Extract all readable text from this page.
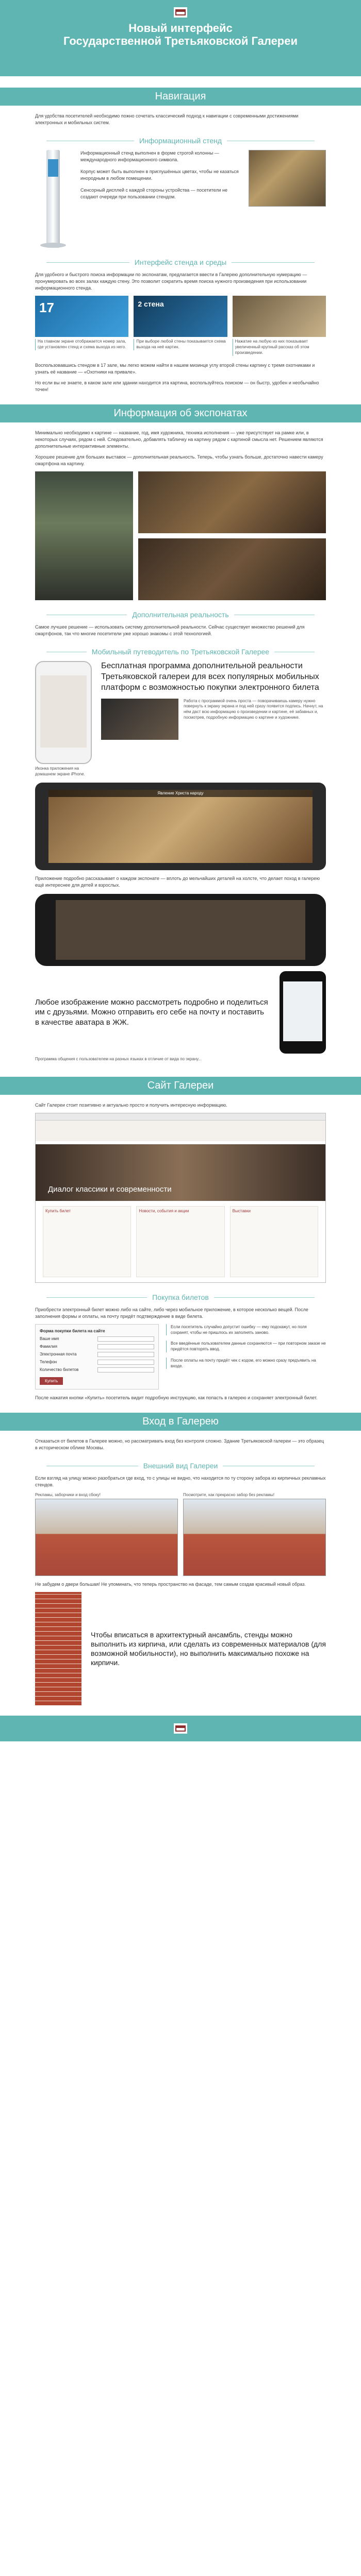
Новый интерфейс
Государственной Третьяковской Галереи
Навигация

Для удобства посетителей необходимо пожно сочетать классический подход к навигации с современными достижениями электронных и мобильных систем.

Информационный стенд
Информационный стенд выполнен в форме строгой колонны — международного информационного символа.
Корпус может быть выполнен в приглушённых цветах, чтобы не казаться инородным в любом помещении.
Сенсорный дисплей с каждой стороны устройства — посетители не создают очереди при пользовании стендом.
Интерфейс стенда и среды

Для удобного и быстрого поиска информации по экспонатам, предлагается ввести в Галерею дополнительную нумерацию — пронумеровать во всех залах каждую стену. Это позволит сократить время поиска нужного произведения при использовании информационного стенда.

17
На главном экране отображается номер зала, где установлен стенд и схема выхода из него.
2 стена
При выборе любой стены показывается схема выхода на неё картин.
Нажатие на любую из них показывает увеличенный крупный рассказ об этом произведении.

Воспользовавшись стендом в 17 зале, мы легко можем найти в нашем мизинце углу второй стены картину с тремя охотниками и узнать её название — «Охотники на привале».

Но если вы не знаете, в каком зале или здании находится эта картина, воспользуйтесь поиском — он быстр, удобен и необычайно точен!

Информация об экспонатах

Минимально необходимо к картине — название, год, имя художника, техника исполнения — уже присутствует на рамке или, в некоторых случаях, рядом с ней. Следовательно, добавлять табличку на картину рядом с картиной смысла нет. Решением являются дополнительные интерактивные элементы.

Хорошее решение для больших выставок — дополнительная реальность. Теперь, чтобы узнать больше, достаточно навести камеру смартфона на картину.

Дополнительная реальность

Самое лучшее решение — использовать систему дополнительной реальности. Сейчас существует множество решений для смартфонов, так что многие посетители уже хорошо знакомы с этой технологией.

Мобильный путеводитель по Третьяковской Галерее
Иконка приложения на домашнем экране iPhone.
Бесплатная программа дополнительной реальности Третьяковской галереи для всех популярных мобильных платформ с возможностью покупки электронного билета
Работа с программой очень проста — поворачиваешь камеру нужно повернуть к экрану экрана и под ней сразу появится подпись. Начнут, на нём даст всю информацию о произведении и картине, её забавных и, посмотрев, подробную информацию о картине и художнике.
Явление Христа народу

Приложение подробно рассказывает о каждом экспонате — вплоть до мельчайших деталей на холсте, что делает поход в галерею ещё интереснее для детей и взрослых.

Любое изображение можно рассмотреть подробно и поделиться им с друзьями. Можно отправить его себе на почту и поставить в качестве аватара в ЖЖ.

Программа общения с пользователем на разных языках в отличие от вида по экрану...

Сайт Галереи

Сайт Галереи стоит позитивно и актуально просто и получить интересную информацию.

Диалог классики и современности
Купить билет	Новости, события и акции	Выставки
Покупка билетов

Приобрести электронный билет можно либо на сайте, либо через мобильное приложение, в которое несколько вещей. После заполнения формы и оплаты, на почту придёт подтверждение в виде билета.

Форма покупки билета на сайте
Ваше имя
Фамилия
Электронная почта
Телефон
Количество билетов
Купить

Если посетитель случайно допустит ошибку — ему подскажут, но поля сохранят, чтобы не пришлось их заполнять заново.

Все введённые пользователем данные сохраняются — при повторном заказе не придётся повторять ввод.

После оплаты на почту придёт чек с кодом, его можно сразу предъявить на входе.

После нажатия кнопки «Купить» посетитель видит подробную инструкцию, как попасть в галерею и сохраняет электронный билет.

Вход в Галерею

Отказаться от билетов в Галерее можно, но рассматривать вход без контроля сложно. Здание Третьяковской галереи — это образец в историческом облике Москвы.

Внешний вид Галереи

Если взгляд на улицу можно разобраться где вход, то с улицы не видно, что находится по ту сторону забора из кирпичных рекламных стендов.

Рекламы, заборчики и вход сбоку!	Посмотрите, как прекрасно забор без рекламы!

Не забудем о двери большая! Не упоминать, что теперь пространство на фасаде, тем самым создав красивый новый образ.

Чтобы вписаться в архитектурный ансамбль, стенды можно выполнить из кирпича, или сделать из современных материалов (для возможной мобильности), но выполнить максимально похоже на кирпичи.
